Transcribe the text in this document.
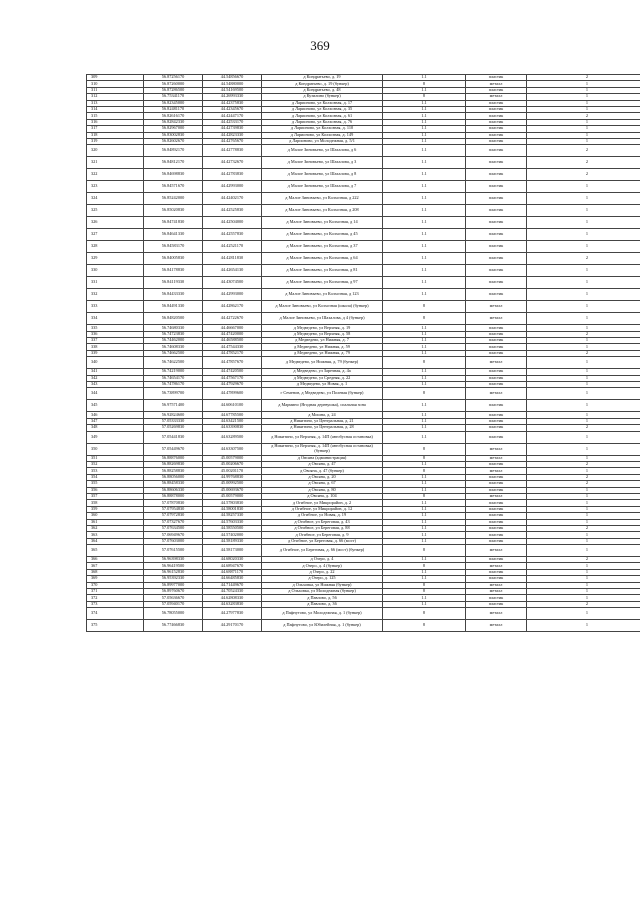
369
309	56.87256170	44.54856670	д Кондратьево, д. 19	1.1	пластик	2
310	56.87260000	44.54880000	д Кондратьево, д. 19 (бункер)	8	металл	1
311	56.87286500	44.54169500	д Кондратьево, д. 48	1.1	пластик	1
312	56.75341170	44.26993330	д Кузилино (бункер)	8	металл	1
313	56.82345000	44.42375830	д Ларионово, ул Колхозная, д. 17	1.1	пластик	1
314	56.82481170	44.42345670	д Ларионово, ул Колхозная, д. 35	1.1	пластик	1
315	56.82616170	44.42447170	д Ларионово, ул Колхозная, д. 61	1.1	пластик	2
316	56.82842330	44.42533170	д Ларионово, ул Колхозная, д. 76	1.1	пластик	1
317	56.82967000	44.42739830	д Ларионово, ул Колхозная, д. 110	1.1	пластик	1
318	56.83002830	44.42823330	д Ларионово, ул Колхозная, д. 149	1.1	пластик	1
319	56.82602670	44.42765670	д Ларионово, ул Молодежная, д. 5/1	1.1	пластик	1
320	56.84892170	44.42778830	д Малое Зиновьево, ул Шахалова, д 6	1.1	пластик	2
321	56.84812170	44.42732670	д Малое Зиновьево, ул Шахалова, д 3	1.1	пластик	2
322	56.84698830	44.42783830	д Малое Зиновьево, ул Шахалова, д 8	1.1	пластик	2
323	56.84571670	44.42993000	д Малое Зиновьево, ул Шахалова, д 7	1.1	пластик	1
324	56.85242000	44.42402170	д Малое Зиновьево, ул Колхозная, д 222	1.1	пластик	1
325	56.85020830	44.42525830	д Малое Зиновьево, ул Колхозная, д 208	1.1	пластик	1
326	56.84741830	44.42504000	д Малое Зиновьево, ул Колхозная, д 14	1.1	пластик	1
327	56.84641330	44.42557830	д Малое Зиновьево, ул Колхозная, д 45	1.1	пластик	1
328	56.84583170	44.42521170	д Малое Зиновьево, ул Колхозная, д 37	1.1	пластик	1
329	56.84005830	44.42811830	д Малое Зиновьево, ул Колхозная, д 64	1.1	пластик	2
330	56.84178830	44.42654130	д Малое Зиновьево, ул Колхозная, д 81	1.1	пластик	1
331	56.84119330	44.43074500	д Малое Зиновьево, ул Колхозная, д 97	1.1	пластик	1
332	56.84433330	44.42993000	д Малое Зиновьево, ул Колхозная, д 123	1.1	пластик	1
333	56.84491330	44.42862170	д Малое Зиновьево, ул Колхозная (школа) (бункер)	8	металл	1
334	56.84820500	44.42722670	д Малое Зиновьево, ул Шахалова, д 4 (бункер)	8	металл	1
335	56.74680330	44.46667000	д Медведево, ул Верхняя, д. 19	1.1	пластик	1
336	56.74723830	44.47420000	д Медведево, ул Верхняя, д. 58	1.1	пластик	2
337	56.74462000	44.46588500	д Медведево, ул Нижняя, д. 7	1.1	пластик	1
338	56.74608330	44.47544330	д Медведево, ул Нижняя, д. 59	1.1	пластик	1
339	56.74662500	44.47852170	д Медведево, ул Нижняя, д. 79	1.1	пластик	2
340	56.74622500	44.47857670	д Медведево, ул Нижняя, д. 79 (бункер)	8	металл	1
341	56.74219000	44.47420500	д Медведево, ул Заречная, д. 4а	1.1	пластик	1
342	56.74654170	44.47567170	д Медведево, ул Средняя, д. 22	1.1	пластик	1
343	56.74786170	44.47929670	д Медведево, ул Новая, д. 1	1.1	пластик	1
344	56.73899700	44.47899600	г Семенов, д Медведево, ул Полевая (бункер)	8	металл	1
345	56.97571400	44.60610100	д Мармино (Ягодная деревушка), спальная зона	1.1	пластик	1
346	56.92824600	44.67785500	д Мошна, д. 24	1.1	пластик	1
347	57.05333330	44.63421500	д Никитино, ул Центральная, д. 21	1.1	пластик	1
348	57.05269830	44.63390830	д Никитино, ул Центральная, д. 28	1.1	пластик	2
349	57.05441830	44.63289500	д Никитино, ул Верхняя, д. 14П (автобусная остановка)	1.1	пластик	1
350	57.05449670	44.63307500	д Никитино, ул Верхняя, д. 14П (автобусная остановка) (бункер)	8	металл	1
351	56.88876000	45.00579000	д Овсяна (администрация)	8	металл	1
352	56.88269830	45.00206670	д Овсяна, д. 47	1.1	пластик	2
353	56.88258830	45.00201170	д Овсяна, д. 47 (бункер)	8	металл	1
354	56.88056000	44.99768830	д Овсяна, д. 20	1.1	пластик	2
355	56.88458330	45.00992500	д Овсяна, д. 67	1.1	пластик	2
356	56.88606330	45.00693670	д Овсяна, д. 80	1.1	пластик	1
357	56.88878000	45.00579000	д Овсяна, д. 104	8	металл	1
358	57.07870830	44.57803830	д Огибное, ул Микрорайон, д. 2	1.1	пластик	1
359	57.07954830	44.58001830	д Огибное, ул Микрорайон, д. 12	1.1	пластик	1
360	57.07972830	44.58257330	д Огибное, ул Новая, д. 19	1.1	пластик	1
361	57.07327670	44.57603330	д Огибное, ул Береговая, д. 43	1.1	пластик	1
362	57.07634500	44.58550500	д Огибное, ул Береговая, д. 88	1.1	пластик	2
363	57.06949670	44.57402000	д Огибное, ул Береговая, д. 9	1.1	пластик	1
364	57.07603000	44.58189330	д Огибное, ул Береговая, д. 66 (мост)	1.1	пластик	1
365	57.07615500	44.58173000	д Огибное, ул Береговая, д. 66 (мост) (бункер)	8	металл	1
366	56.96398330	44.68020330	д Озеро, д. 4	1.1	пластик	2
367	56.96419500	44.68947670	д Озеро, д. 4 (бункер)	8	металл	1
368	56.96152830	44.68871170	д Озеро, д. 22	1.1	пластик	1
369	56.95392330	44.66485830	д Озеро, д. 125	1.1	пластик	1
370	56.89977000	44.71449670	д Ольховка, ул Нижняя (бункер)	8	металл	1
371	56.89760670	44.70524330	д Ольховка, ул Молодежная (бункер)	8	металл	1
372	57.05636670	44.62808330	д Павлово, д. 56	1.1	пластик	1
373	57.05940170	44.63283830	д Павлово, д. 36	1.1	пластик	2
374	56.78055000	44.27977830	д Пафнутово, ул Молодежная, д. 1 (бункер)	8	металл	1
375	56.77466830	44.29170170	д Пафнутово, ул Юбилейная, д. 1 (бункер)	8	металл	1
